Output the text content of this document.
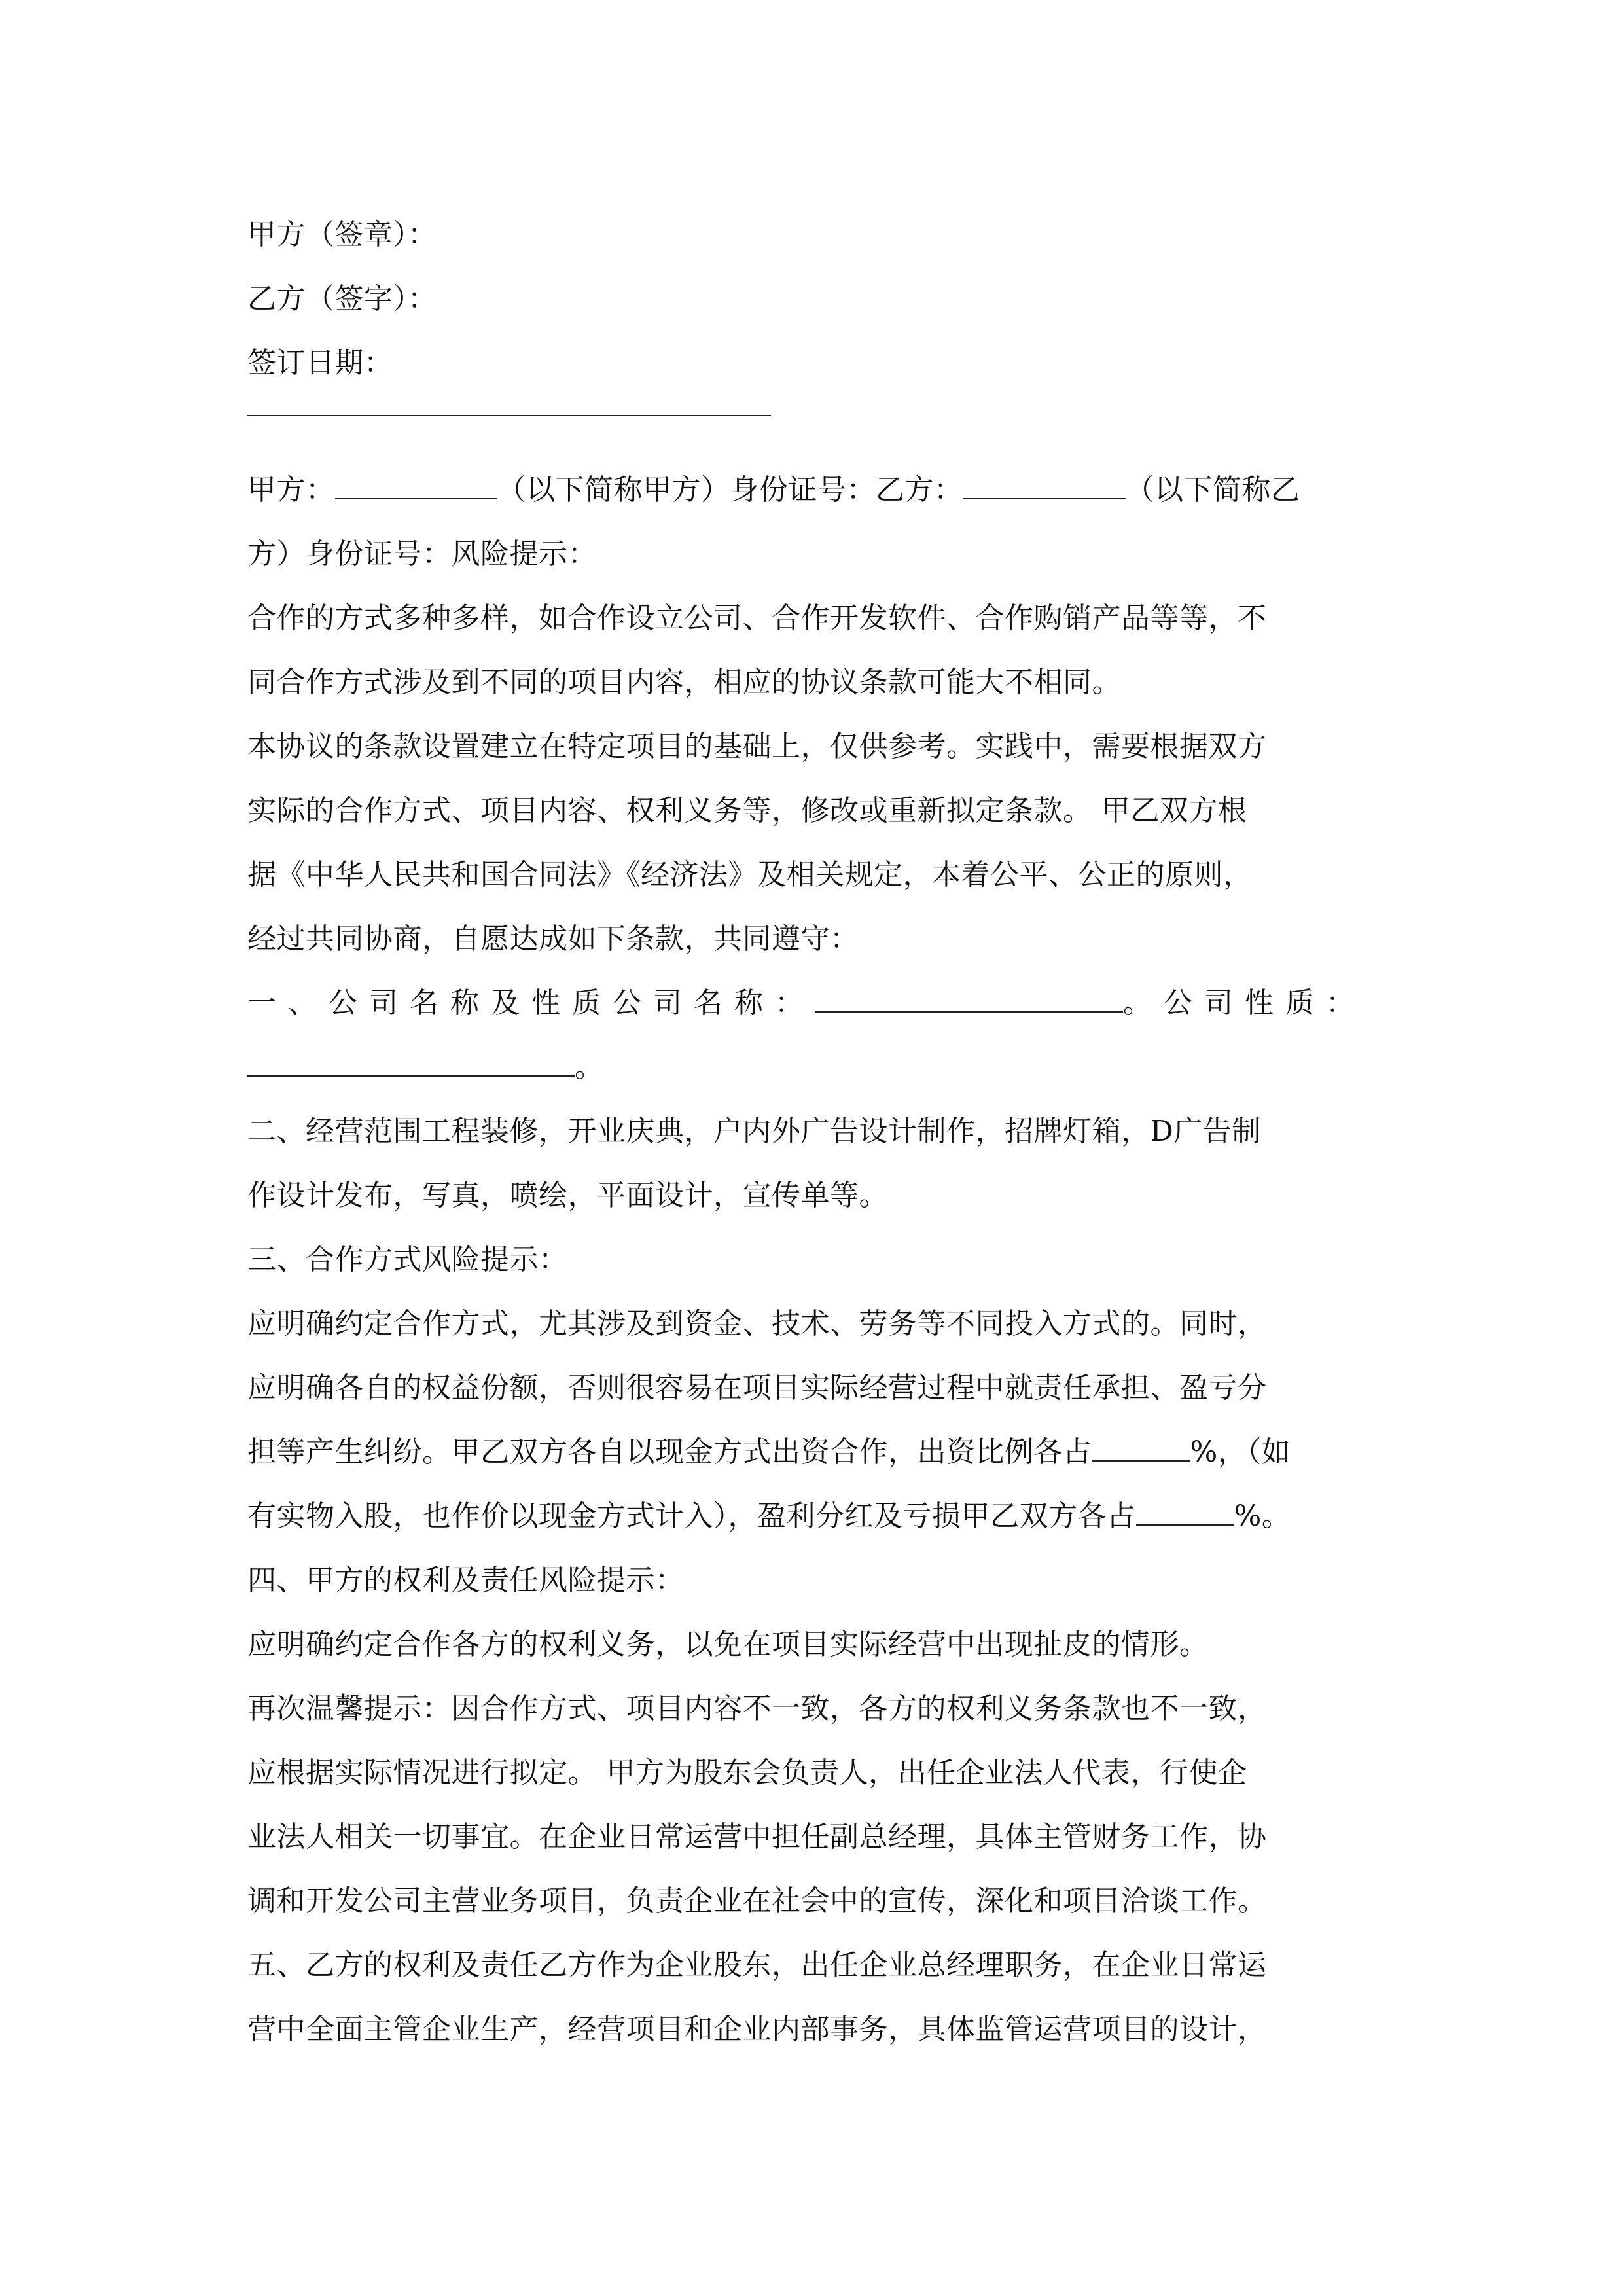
甲方（签章）：
乙方（签字）：
签订日期：
甲方：	（以下简称甲方）身份证号：乙方：	（以下简称乙
方）身份证号：风险提示：
合作的方式多种多样，如合作设立公司、合作开发软件、合作购销产品等等，不
同合作方式涉及到不同的项目内容，相应的协议条款可能大不相同。
本协议的条款设置建立在特定项目的基础上，仅供参考。实践中，需要根据双方
实际的合作方式、项目内容、权利义务等，修改或重新拟定条款。 甲乙双方根
据《中华人民共和国合同法》《经济法》及相关规定，本着公平、公正的原则，
经过共同协商，自愿达成如下条款，共同遵守：
一、公司名称及性质公司名称：	。公司性质：
。
二、经营范围工程装修，开业庆典，户内外广告设计制作，招牌灯箱，D广告制
作设计发布，写真，喷绘，平面设计，宣传单等。
三、合作方式风险提示：
应明确约定合作方式，尤其涉及到资金、技术、劳务等不同投入方式的。同时，
应明确各自的权益份额，否则很容易在项目实际经营过程中就责任承担、盈亏分
担等产生纠纷。甲乙双方各自以现金方式出资合作，出资比例各占	%，（如
有实物入股，也作价以现金方式计入），盈利分红及亏损甲乙双方各占	%。
四、甲方的权利及责任风险提示：
应明确约定合作各方的权利义务，以免在项目实际经营中出现扯皮的情形。
再次温馨提示：因合作方式、项目内容不一致，各方的权利义务条款也不一致，
应根据实际情况进行拟定。 甲方为股东会负责人，出任企业法人代表，行使企
业法人相关一切事宜。在企业日常运营中担任副总经理，具体主管财务工作，协
调和开发公司主营业务项目，负责企业在社会中的宣传，深化和项目洽谈工作。
五、乙方的权利及责任乙方作为企业股东，出任企业总经理职务，在企业日常运
营中全面主管企业生产，经营项目和企业内部事务，具体监管运营项目的设计，
